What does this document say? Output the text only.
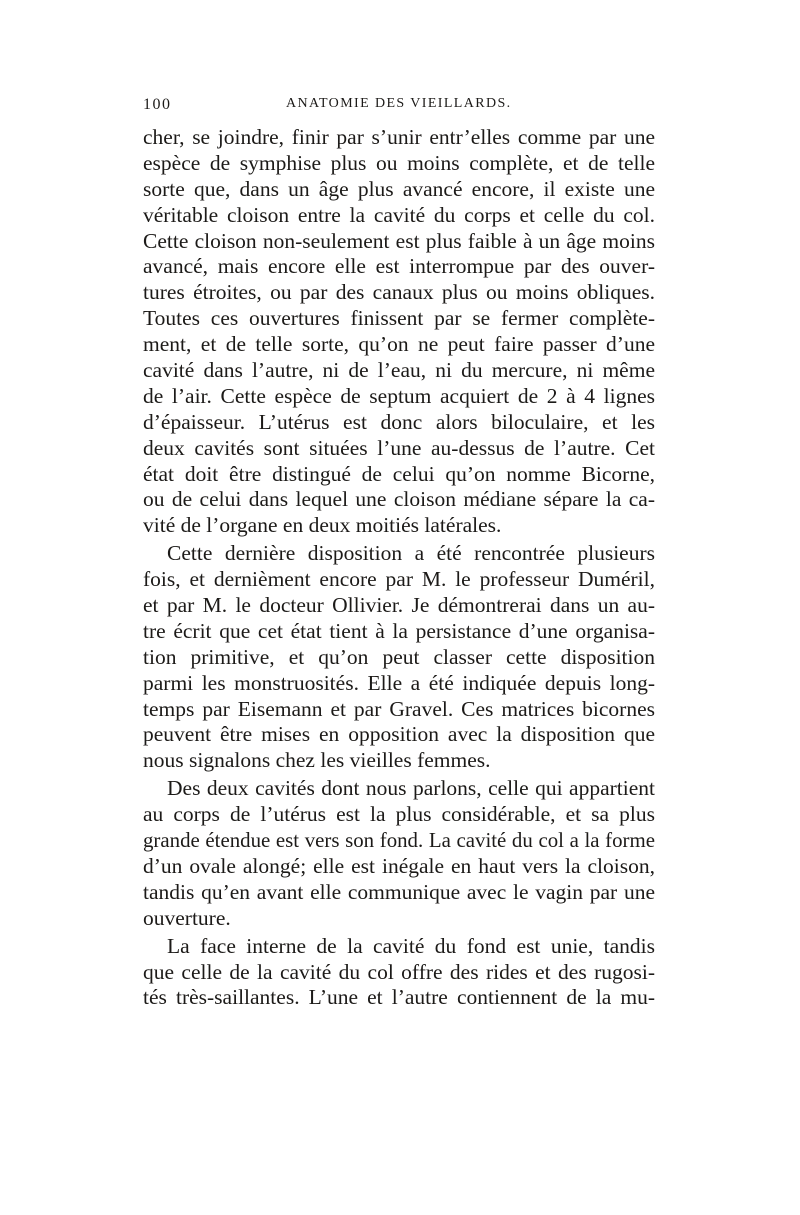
100	ANATOMIE DES VIEILLARDS.

cher, se joindre, finir par s’unir entr’elles comme par une
espèce de symphise plus ou moins complète, et de telle
sorte que, dans un âge plus avancé encore, il existe une
véritable cloison entre la cavité du corps et celle du col.
Cette cloison non-seulement est plus faible à un âge moins
avancé, mais encore elle est interrompue par des ouver-
tures étroites, ou par des canaux plus ou moins obliques.
Toutes ces ouvertures finissent par se fermer complète-
ment, et de telle sorte, qu’on ne peut faire passer d’une
cavité dans l’autre, ni de l’eau, ni du mercure, ni même
de l’air. Cette espèce de septum acquiert de 2 à 4 lignes
d’épaisseur. L’utérus est donc alors biloculaire, et les
deux cavités sont situées l’une au-dessus de l’autre. Cet
état doit être distingué de celui qu’on nomme Bicorne,
ou de celui dans lequel une cloison médiane sépare la ca-
vité de l’organe en deux moitiés latérales.

Cette dernière disposition a été rencontrée plusieurs
fois, et dernièment encore par M. le professeur Duméril,
et par M. le docteur Ollivier. Je démontrerai dans un au-
tre écrit que cet état tient à la persistance d’une organisa-
tion primitive, et qu’on peut classer cette disposition
parmi les monstruosités. Elle a été indiquée depuis long-
temps par Eisemann et par Gravel. Ces matrices bicornes
peuvent être mises en opposition avec la disposition que
nous signalons chez les vieilles femmes.

Des deux cavités dont nous parlons, celle qui appartient
au corps de l’utérus est la plus considérable, et sa plus
grande étendue est vers son fond. La cavité du col a la forme
d’un ovale alongé; elle est inégale en haut vers la cloison,
tandis qu’en avant elle communique avec le vagin par une
ouverture.

La face interne de la cavité du fond est unie, tandis
que celle de la cavité du col offre des rides et des rugosi-
tés très-saillantes. L’une et l’autre contiennent de la mu-
